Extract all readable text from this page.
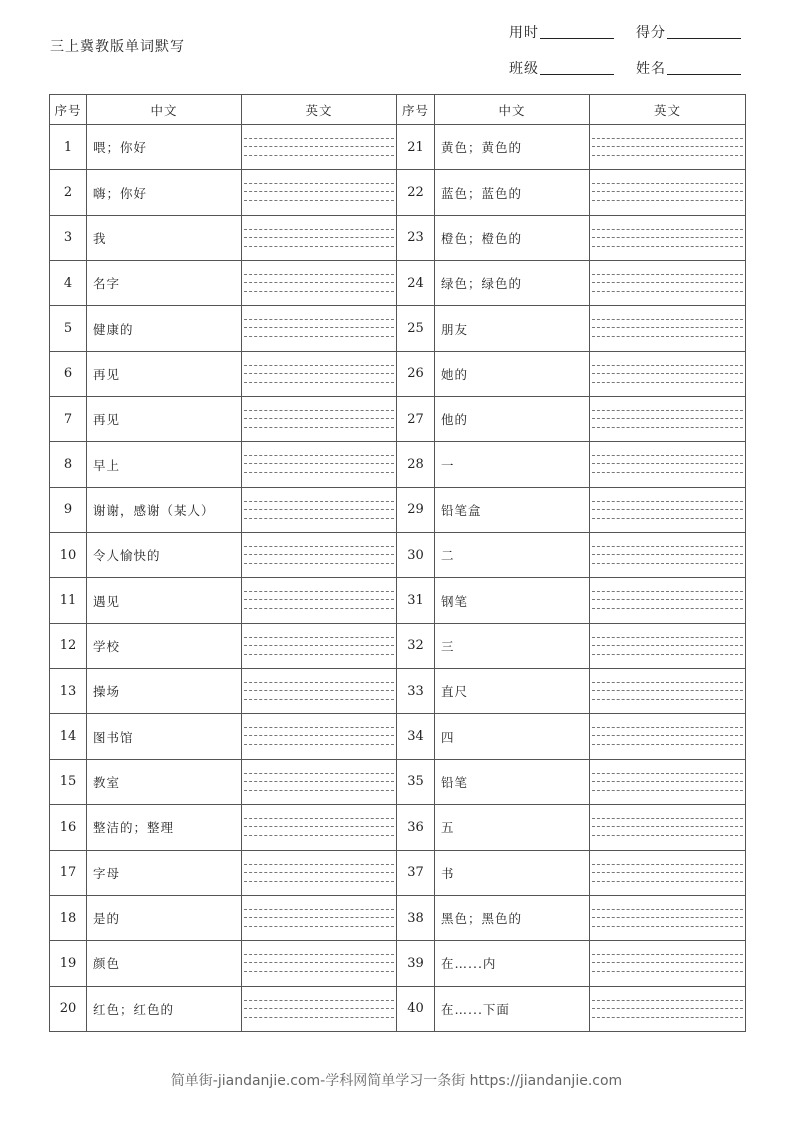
三上冀教版单词默写
用时	得分
班级	姓名
序号	中文	英文	序号	中文	英文
1	喂；你好		21	黄色；黄色的	

2	嗨；你好		22	蓝色；蓝色的	

3	我		23	橙色；橙色的	

4	名字		24	绿色；绿色的	

5	健康的		25	朋友	

6	再见		26	她的	

7	再见		27	他的	

8	早上		28	一	

9	谢谢，感谢（某人）		29	铅笔盒	

10	令人愉快的		30	二	

11	遇见		31	钢笔	

12	学校		32	三	

13	操场		33	直尺	

14	图书馆		34	四	

15	教室		35	铅笔	

16	整洁的；整理		36	五	

17	字母		37	书	

18	是的		38	黑色；黑色的	

19	颜色		39	在…...内	

20	红色；红色的		40	在…...下面	
简单街-jiandanjie.com-学科网简单学习一条街 https://jiandanjie.com
